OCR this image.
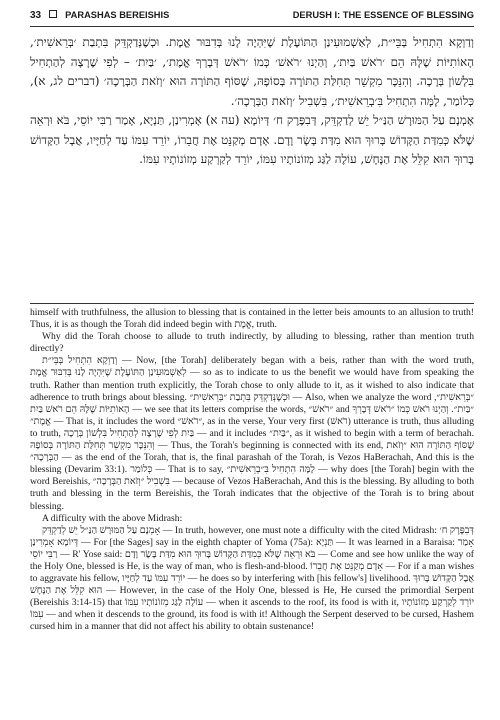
33	PARASHAS BEREISHIS	DERUSH I: THE ESSENCE OF BLESSING

וְדַוְקָא הִתְחִיל בְּבֵּי״ת, לְאַשְׁמוּעִינַן הַתּוֹעֶלֶת שֶׁיִּהְיֶה לָנוּ בְּדִבּוּר אֱמֶת. וּכְשֶׁנְּדַקְדֵּק בִּתְבַת ׳בְּרֵאשִׁית׳, הָאוֹתִיּוֹת שֶׁלָּהּ הֵם ׳רֹאשׁ בַּיִת׳, וְהַיְנוּ ׳רֹאשׁ׳ כְּמוֹ ׳רֹאשׁ דְּבָרְךָ אֱמֶת׳, ׳בַּיִת׳ – לְפִי שֶׁרָצָה לְהַתְחִיל בִּלְשׁוֹן בְּרָכָה. וְהִנֵּכָּר מִקְשֵׁר תְּחִלַּת הַתּוֹרָה בְּסוֹפָהּ, שֶׁסּוֹף הַתּוֹרָה הוּא ׳וְזֹאת הַבְּרָכָה׳ (דברים לג, א), כְּלוֹמַר, לָמָּה הִתְחִיל בִּ׳בְרֵאשִׁית׳, בִּשְׁבִיל ׳וְזֹאת הַבְּרָכָה׳.

אָמְנָם עַל הַמּוּרָשׁ הַנַּ״ל יֵשׁ לְדַקְדֵּק, דְּבִפֶּרֶק ח׳ דְּיוֹמָא (עה א) אָמְרִינַן, תַּנְיָא, אָמַר רַבִּי יוֹסֵי, בֹּא וּרְאֵה שֶׁלֹּא כְּמִדַּת הַקָּדוֹשׁ בָּרוּךְ הוּא מִדַּת בָּשָׂר וָדָם. אָדָם מְקַנֵּט אֶת חֲבֵרוֹ, יוֹרֵד עִמּוֹ עַד לְחַיָּיו, אֲבָל הַקָּדוֹשׁ בָּרוּךְ הוּא קִלֵּל אֶת הַנָּחָשׁ, עוֹלֶה לַגַּג מְזוֹנוֹתָיו עִמּוֹ, יוֹרֵד לְקַרְקַע מְזוֹנוֹתָיו עִמּוֹ.

himself with truthfulness, the allusion to blessing that is contained in the letter beis amounts to an allusion to truth! Thus, it is as though the Torah did indeed begin with אֱמֶת, truth.

Why did the Torah choose to allude to truth indirectly, by alluding to blessing, rather than mention truth directly?

וְדַוְקָא הִתְחִיל בְּבֵּי״ת — Now, [the Torah] deliberately began with a beis, rather than with the word truth, לְאַשְׁמוּעִינַן הַתּוֹעֶלֶת שֶׁיִּהְיֶה לָנוּ בְּדִבּוּר אֱמֶת — so as to indicate to us the benefit we would have from speaking the truth. Rather than mention truth explicitly, the Torah chose to only allude to it, as it wished to also indicate that adherence to truth brings about blessing. וּכְשֶׁנְּדַקְדֵּק בִּתְבַת ״בְּרֵאשִׁית״ — Also, when we analyze the word ״בְּרֵאשִׁית״, הָאוֹתִיּוֹת שֶׁלָּהּ הֵם רֹאשׁ בַּיִת — we see that its letters comprise the words, ״רֹאשׁ״ and ״בַּיִת״. וְהַיְנוּ רֹאשׁ כְּמוֹ ״רֹאשׁ דְּבָרְךָ אֱמֶת״ — That is, it includes the word ״רֹאשׁ״, as in the verse, Your very first (רֹאשׁ) utterance is truth, thus alluding to truth, בַּיִת לְפִי שֶׁרָצָה לְהַתְחִיל בִּלְשׁוֹן בְּרָכָה — and it includes ״בַּיִת״, as it wished to begin with a term of berachah. וְהִנֵּכָּר מִקְשֵׁר תְּחִלַּת הַתּוֹרָה בְּסוֹפָהּ — Thus, the Torah's beginning is connected with its end, שֶׁסּוֹף הַתּוֹרָה הוּא ״וְזֹאת הַבְּרָכָה״ — as the end of the Torah, that is, the final parashah of the Torah, is Vezos HaBerachah, And this is the blessing (Devarim 33:1). כְּלוֹמַר — That is to say, לָמָּה הִתְחִיל בִּ״בְרֵאשִׁית״ — why does [the Torah] begin with the word Bereishis, בִּשְׁבִיל ״וְזֹאת הַבְּרָכָה״ — because of Vezos HaBerachah, And this is the blessing. By alluding to both truth and blessing in the term Bereishis, the Torah indicates that the objective of the Torah is to bring about blessing.

A difficulty with the above Midrash:

אָמְנָם עַל הַמּוּרָשׁ הַנַּ״ל יֵשׁ לְדַקְדֵּק — In truth, however, one must note a difficulty with the cited Midrash: דְּבִפֶּרֶק ח׳ דְּיוֹמָא אָמְרִינַן — For [the Sages] say in the eighth chapter of Yoma (75a): תַּנְיָא — It was learned in a Baraisa: אָמַר רַבִּי יוֹסֵי — R' Yose said: בֹּא וּרְאֵה שֶׁלֹּא כְּמִדַּת הַקָּדוֹשׁ בָּרוּךְ הוּא מִדַּת בָּשָׂר וָדָם — Come and see how unlike the way of the Holy One, blessed is He, is the way of man, who is flesh-and-blood. אָדָם מְקַנֵּט אֶת חֲבֵרוֹ — For if a man wishes to aggravate his fellow, יוֹרֵד עִמּוֹ עַד לְחַיָּיו — he does so by interfering with [his fellow's] livelihood. אֲבָל הַקָּדוֹשׁ בָּרוּךְ הוּא קִלֵּל אֶת הַנָּחָשׁ — However, in the case of the Holy One, blessed is He, He cursed the primordial Serpent (Bereishis 3:14-15) that עוֹלֶה לַגַּג מְזוֹנוֹתָיו עִמּוֹ — when it ascends to the roof, its food is with it, יוֹרֵד לְקַרְקַע מְזוֹנוֹתָיו עִמּוֹ — and when it descends to the ground, its food is with it! Although the Serpent deserved to be cursed, Hashem cursed him in a manner that did not affect his ability to obtain sustenance!
